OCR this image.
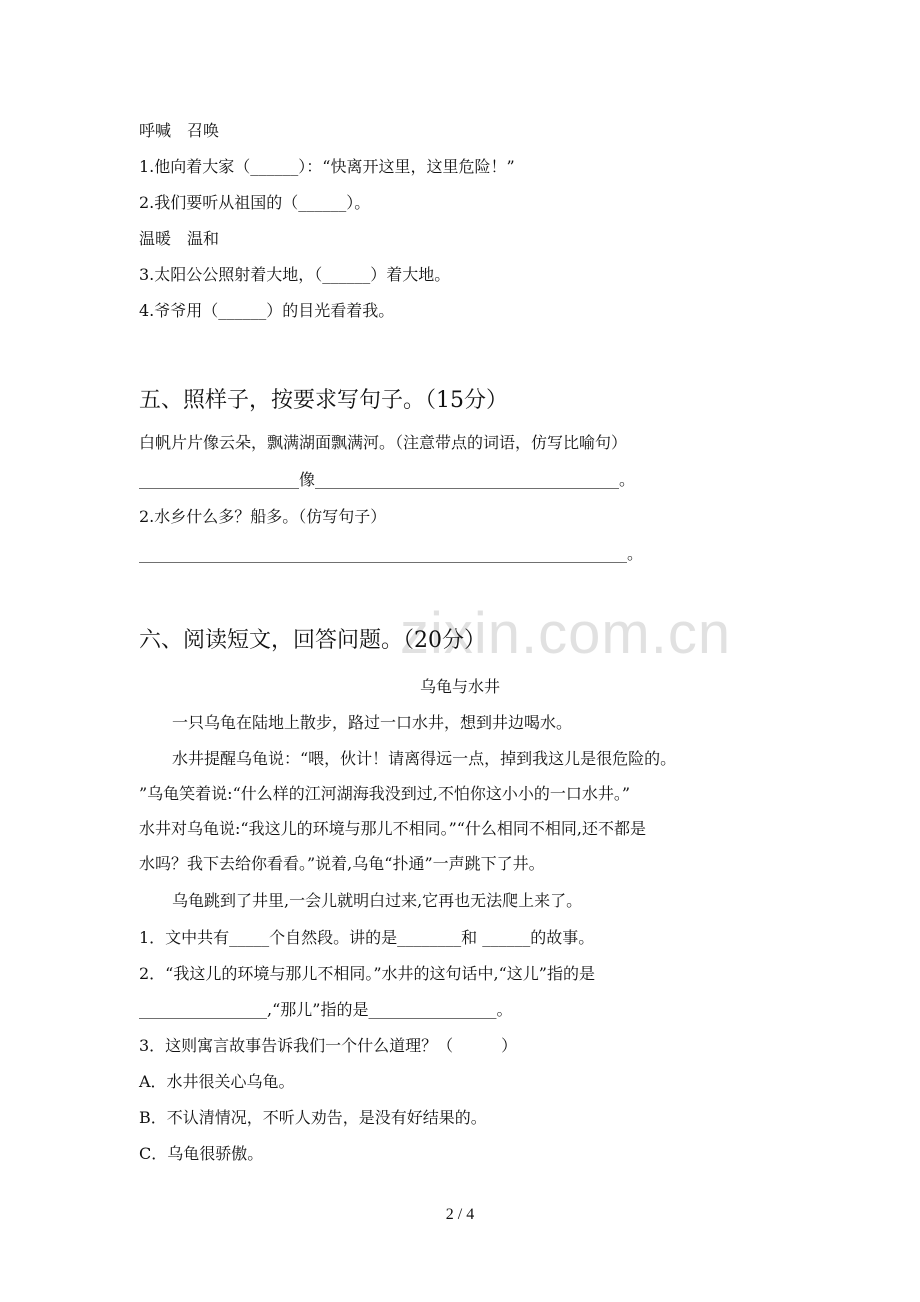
zixin.com.cn
呼喊　召唤
1.他向着大家（______）：“快离开这里，这里危险！”
2.我们要听从祖国的（______）。
温暖　温和
3.太阳公公照射着大地，（______）着大地。
4.爷爷用（______）的目光看着我。
五、照样子，按要求写句子。（15分）
白帆片片像云朵，飘满湖面飘满河。（注意带点的词语，仿写比喻句）
____________________像______________________________________。
2.水乡什么多？船多。（仿写句子）
_____________________________________________________________。
六、阅读短文，回答问题。（20分）
乌龟与水井
一只乌龟在陆地上散步，路过一口水井，想到井边喝水。
水井提醒乌龟说：“喂，伙计！请离得远一点，掉到我这儿是很危险的。
”乌龟笑着说:“什么样的江河湖海我没到过,不怕你这小小的一口水井。”
水井对乌龟说:“我这儿的环境与那儿不相同。”“什么相同不相同,还不都是
水吗？我下去给你看看。”说着,乌龟“扑通”一声跳下了井。
乌龟跳到了井里,一会儿就明白过来,它再也无法爬上来了。
1．文中共有_____个自然段。讲的是________和 ______的故事。
2．“我这儿的环境与那儿不相同。”水井的这句话中,“这儿”指的是
________________,“那儿”指的是________________。
3．这则寓言故事告诉我们一个什么道理？（　　　）
A．水井很关心乌龟。
B．不认清情况，不听人劝告，是没有好结果的。
C．乌龟很骄傲。
2 / 4
